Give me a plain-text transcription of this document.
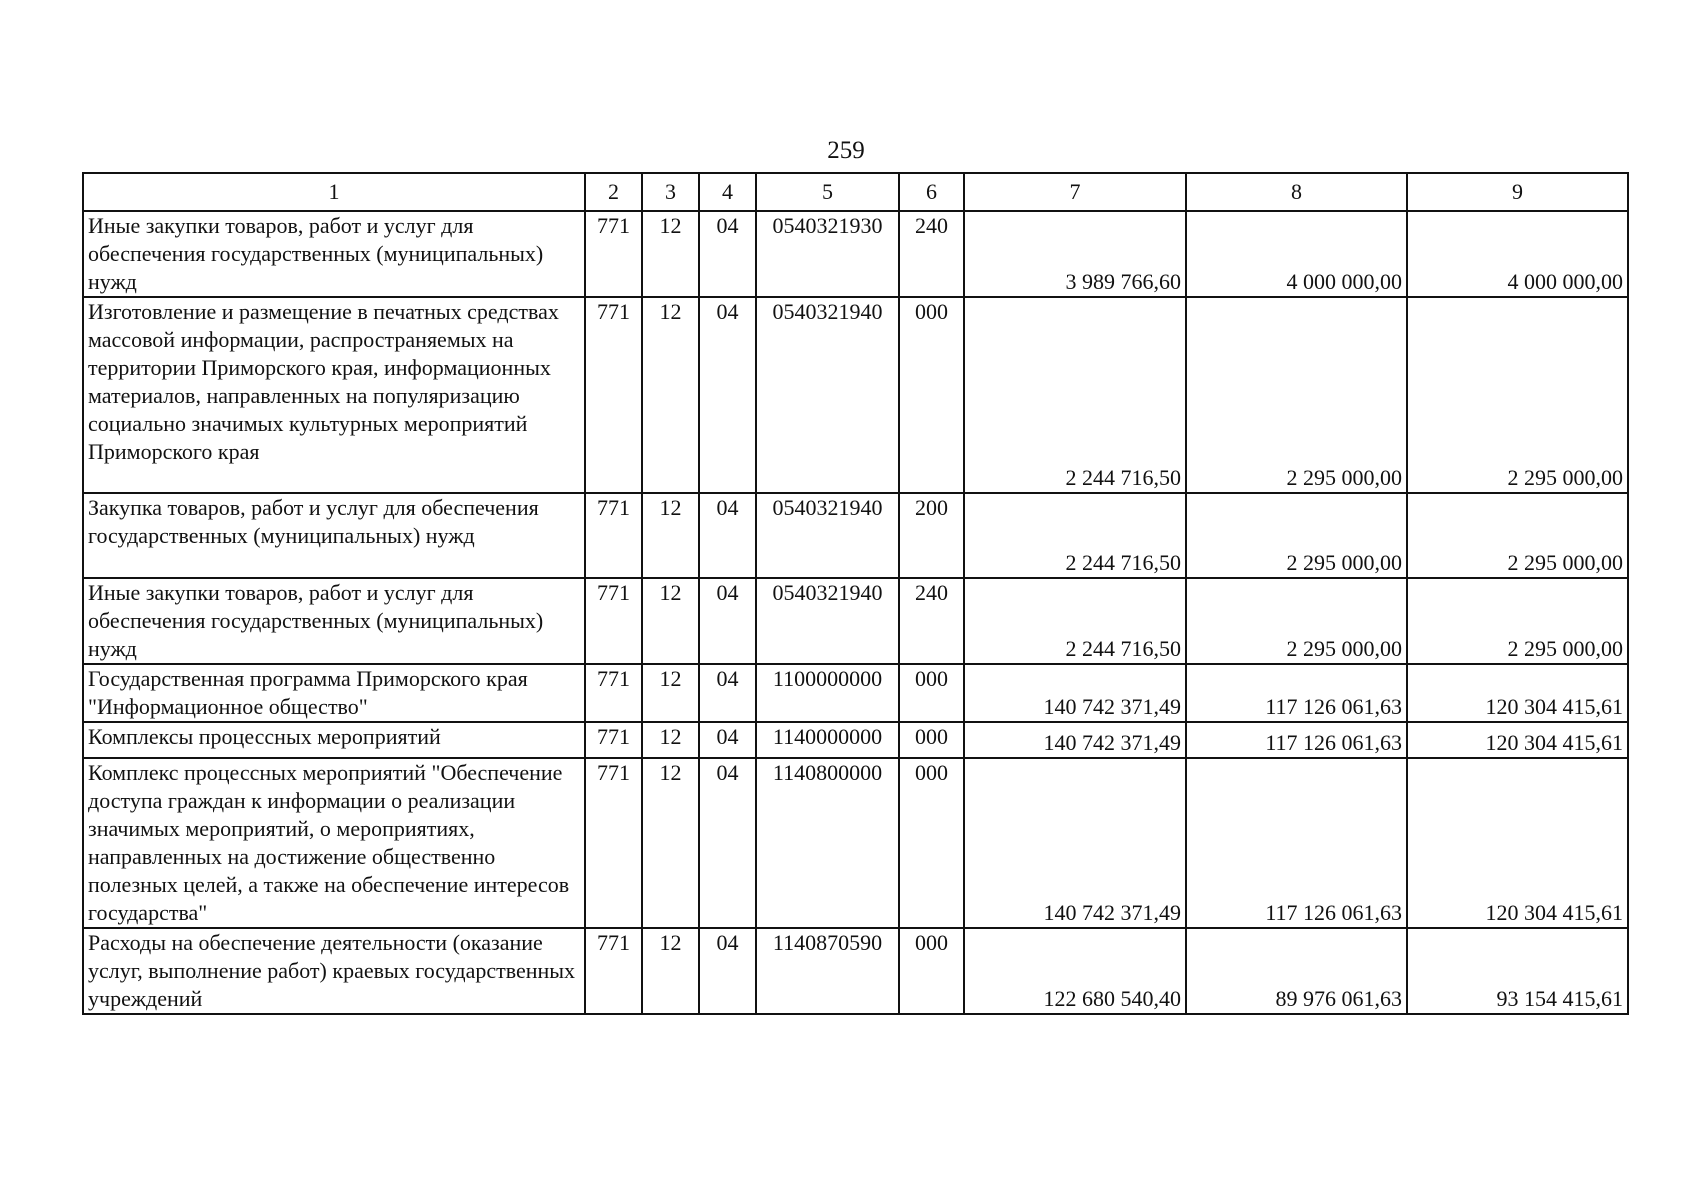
259
1	2	3	4	5	6	7	8	9
Иные закупки товаров, работ и услуг для обеспечения государственных (муниципальных) нужд	771	12	04	0540321930	240	3 989 766,60	4 000 000,00	4 000 000,00
Изготовление и размещение в печатных средствах массовой информации, распространяемых на территории Приморского края, информационных материалов, направленных на популяризацию социально значимых культурных мероприятий Приморского края	771	12	04	0540321940	000	2 244 716,50	2 295 000,00	2 295 000,00
Закупка товаров, работ и услуг для обеспечения государственных (муниципальных) нужд	771	12	04	0540321940	200	2 244 716,50	2 295 000,00	2 295 000,00
Иные закупки товаров, работ и услуг для обеспечения государственных (муниципальных) нужд	771	12	04	0540321940	240	2 244 716,50	2 295 000,00	2 295 000,00
Государственная программа Приморского края "Информационное общество"	771	12	04	1100000000	000	140 742 371,49	117 126 061,63	120 304 415,61
Комплексы процессных мероприятий	771	12	04	1140000000	000	140 742 371,49	117 126 061,63	120 304 415,61
Комплекс процессных мероприятий "Обеспечение доступа граждан к информации о реализации значимых мероприятий, о мероприятиях, направленных на достижение общественно полезных целей, а также на обеспечение интересов государства"	771	12	04	1140800000	000	140 742 371,49	117 126 061,63	120 304 415,61
Расходы на обеспечение деятельности (оказание услуг, выполнение работ) краевых государственных учреждений	771	12	04	1140870590	000	122 680 540,40	89 976 061,63	93 154 415,61
